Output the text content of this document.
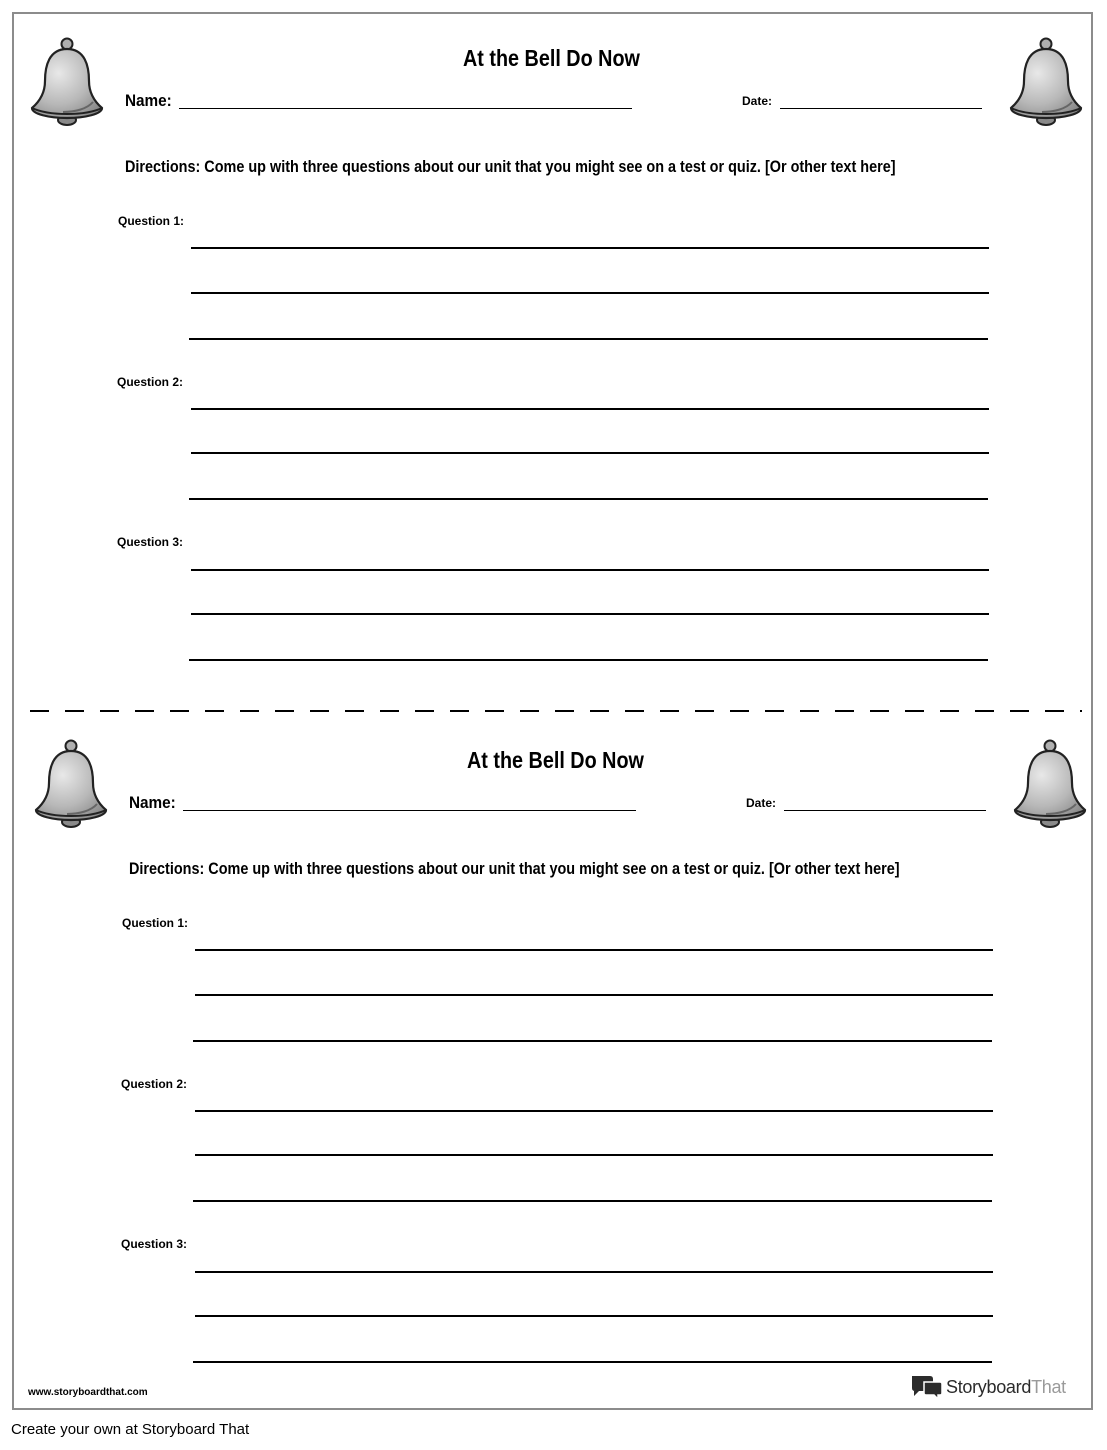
At the Bell Do Now
Name:	Date:
Directions: Come up with three questions about our unit that you might see on a test or quiz. [Or other text here]
Question 1:
Question 2:
Question 3:
At the Bell Do Now
Name:	Date:
Directions: Come up with three questions about our unit that you might see on a test or quiz. [Or other text here]
Question 1:
Question 2:
Question 3:
www.storyboardthat.com	Storyboard That
Create your own at Storyboard That
